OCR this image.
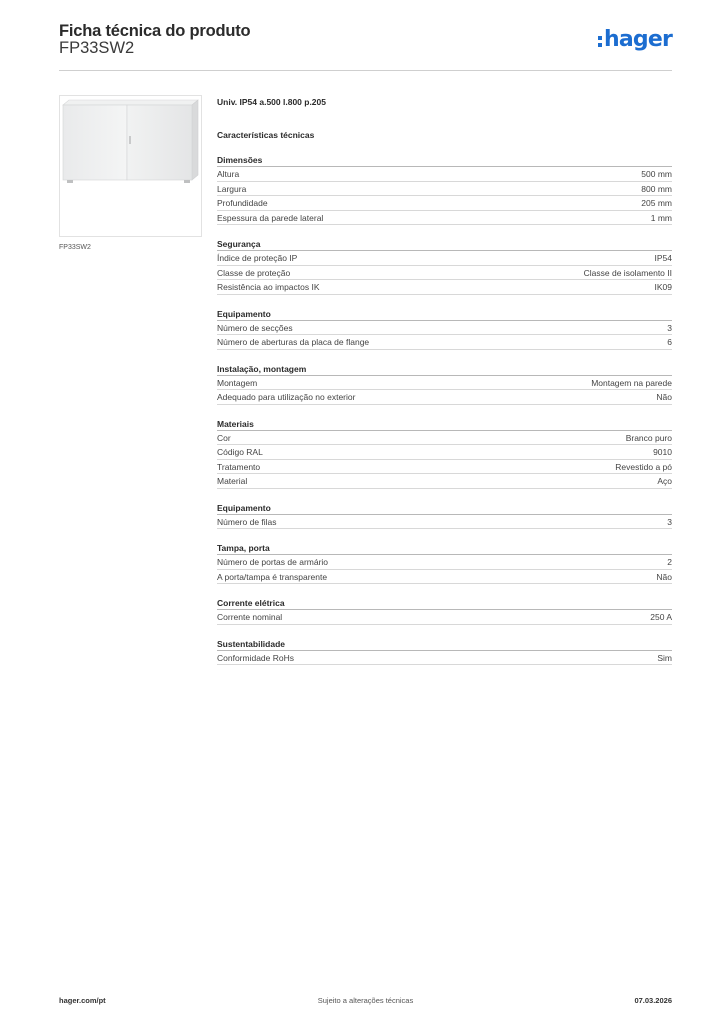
Ficha técnica do produto
FP33SW2	hager
FP33SW2
Univ. IP54 a.500 l.800 p.205
Características técnicas
Dimensões
Altura	500 mm
Largura	800 mm
Profundidade	205 mm
Espessura da parede lateral	1 mm
Segurança
Índice de proteção IP	IP54
Classe de proteção	Classe de isolamento II
Resistência ao impactos IK	IK09
Equipamento
Número de secções	3
Número de aberturas da placa de flange	6
Instalação, montagem
Montagem	Montagem na parede
Adequado para utilização no exterior	Não
Materiais
Cor	Branco puro
Código RAL	9010
Tratamento	Revestido a pó
Material	Aço
Equipamento
Número de filas	3
Tampa, porta
Número de portas de armário	2
A porta/tampa é transparente	Não
Corrente elétrica
Corrente nominal	250 A
Sustentabilidade
Conformidade RoHs	Sim
hager.com/pt	Sujeito a alterações técnicas	07.03.2026
